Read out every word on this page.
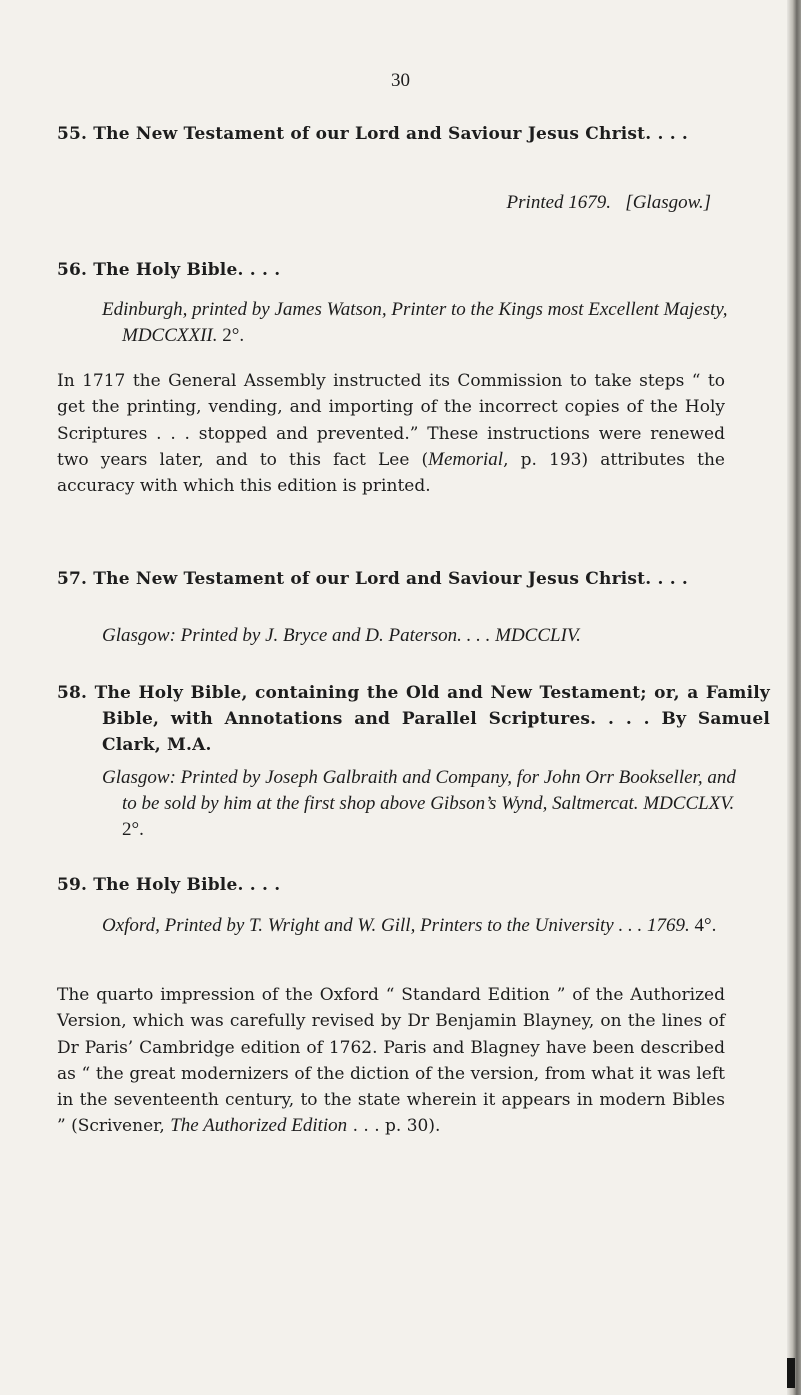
30
55. The New Testament of our Lord and Saviour Jesus Christ. . . .
Printed 1679. [Glasgow.]
56. The Holy Bible. . . .
Edinburgh, printed by James Watson, Printer to the Kings most Excellent Majesty, MDCCXXII. 2°.
In 1717 the General Assembly instructed its Commission to take steps “ to get the printing, vending, and importing of the incorrect copies of the Holy Scriptures . . . stopped and prevented.” These instructions were renewed two years later, and to this fact Lee (Memorial, p. 193) attributes the accuracy with which this edition is printed.
57. The New Testament of our Lord and Saviour Jesus Christ. . . .
Glasgow: Printed by J. Bryce and D. Paterson. . . . MDCCLIV.
58. The Holy Bible, containing the Old and New Testament; or, a Family Bible, with Annotations and Parallel Scriptures. . . . By Samuel Clark, M.A.
Glasgow: Printed by Joseph Galbraith and Company, for John Orr Bookseller, and to be sold by him at the first shop above Gibson’s Wynd, Saltmercat. MDCCLXV. 2°.
59. The Holy Bible. . . .
Oxford, Printed by T. Wright and W. Gill, Printers to the University . . . 1769. 4°.
The quarto impression of the Oxford “ Standard Edition ” of the Authorized Version, which was carefully revised by Dr Benjamin Blayney, on the lines of Dr Paris’ Cambridge edition of 1762. Paris and Blagney have been described as “ the great modernizers of the diction of the version, from what it was left in the seventeenth century, to the state wherein it appears in modern Bibles ” (Scrivener, The Authorized Edition . . . p. 30).
